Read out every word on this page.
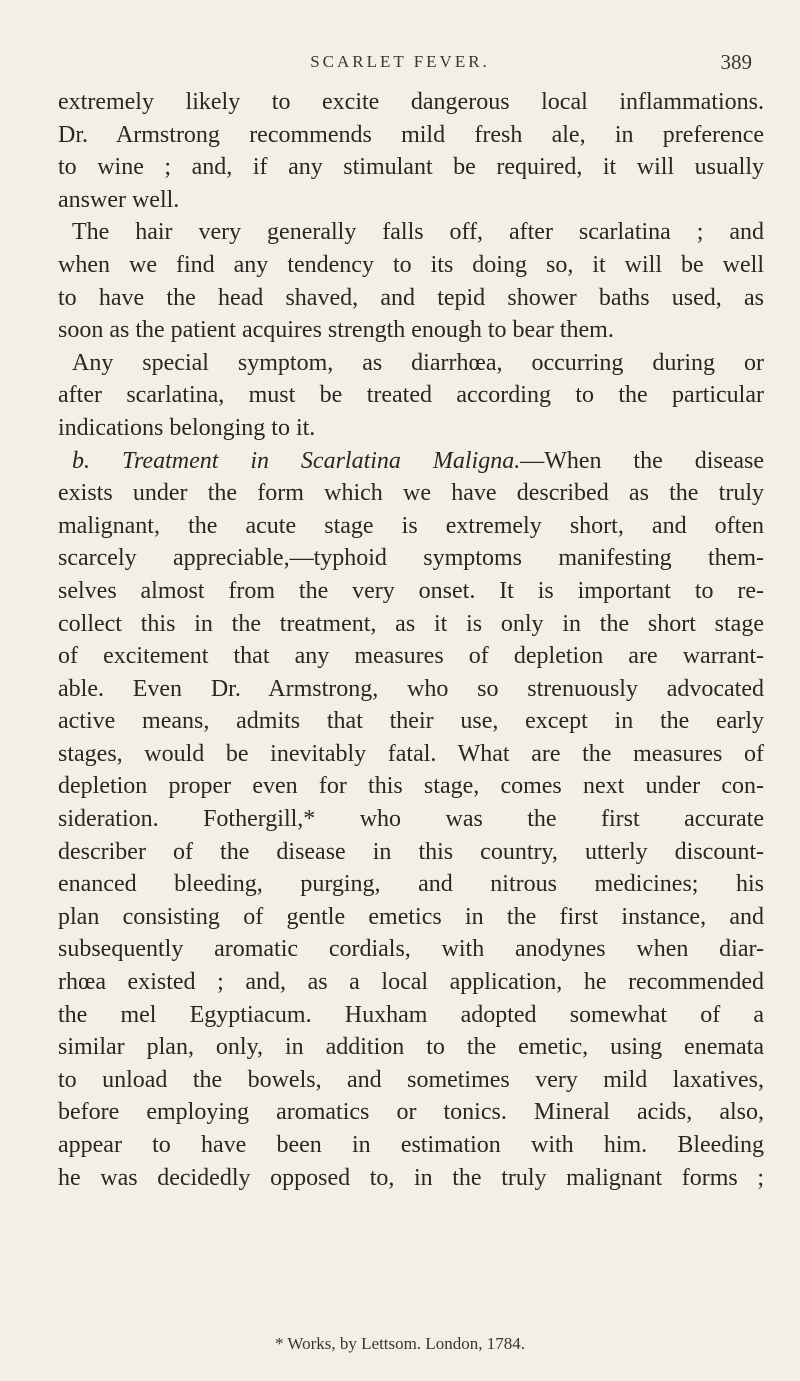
SCARLET FEVER.	389
extremely likely to excite dangerous local inflammations.
Dr. Armstrong recommends mild fresh ale, in preference
to wine ; and, if any stimulant be required, it will usually
answer well.
The hair very generally falls off, after scarlatina ; and
when we find any tendency to its doing so, it will be well
to have the head shaved, and tepid shower baths used, as
soon as the patient acquires strength enough to bear them.
Any special symptom, as diarrhœa, occurring during or
after scarlatina, must be treated according to the particular
indications belonging to it.
b. Treatment in Scarlatina Maligna.—When the disease
exists under the form which we have described as the truly
malignant, the acute stage is extremely short, and often
scarcely appreciable,—typhoid symptoms manifesting them-
selves almost from the very onset. It is important to re-
collect this in the treatment, as it is only in the short stage
of excitement that any measures of depletion are warrant-
able. Even Dr. Armstrong, who so strenuously advocated
active means, admits that their use, except in the early
stages, would be inevitably fatal. What are the measures of
depletion proper even for this stage, comes next under con-
sideration. Fothergill,* who was the first accurate
describer of the disease in this country, utterly discount-
enanced bleeding, purging, and nitrous medicines; his
plan consisting of gentle emetics in the first instance, and
subsequently aromatic cordials, with anodynes when diar-
rhœa existed ; and, as a local application, he recommended
the mel Egyptiacum. Huxham adopted somewhat of a
similar plan, only, in addition to the emetic, using enemata
to unload the bowels, and sometimes very mild laxatives,
before employing aromatics or tonics. Mineral acids, also,
appear to have been in estimation with him. Bleeding
he was decidedly opposed to, in the truly malignant forms ;
* Works, by Lettsom. London, 1784.
